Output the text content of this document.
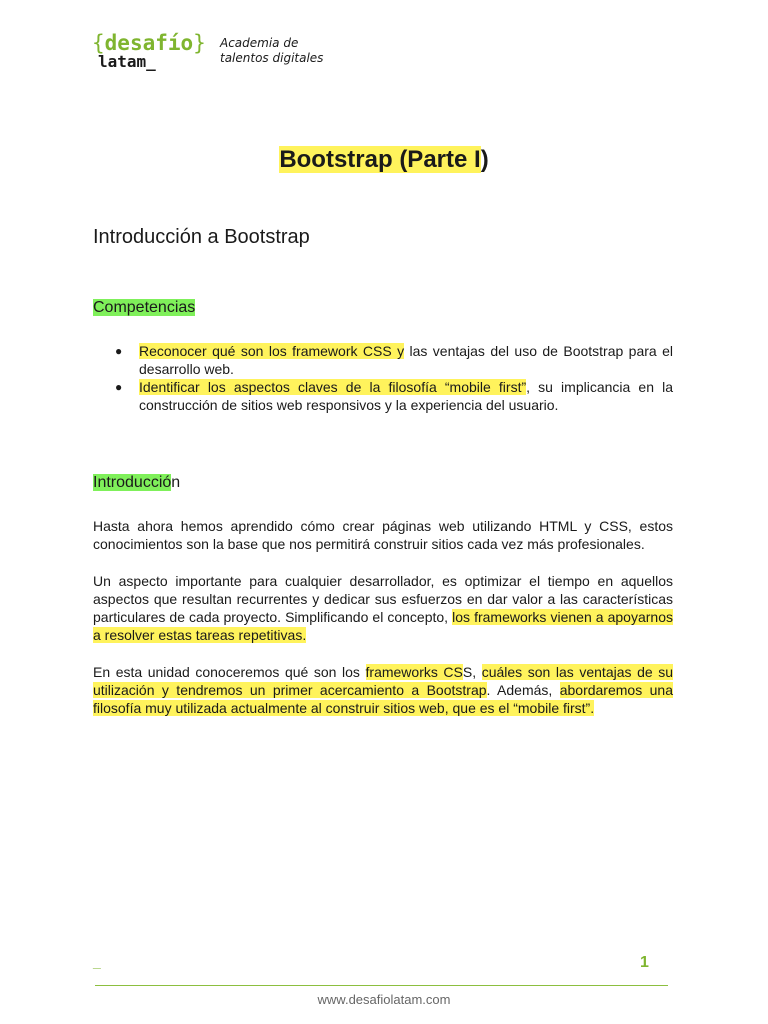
{desafío}
latam_
Academia de
talentos digitales
Bootstrap (Parte I)
Introducción a Bootstrap
Competencias
● Reconocer qué son los framework CSS y las ventajas del uso de Bootstrap para el desarrollo web.
● Identificar los aspectos claves de la filosofía “mobile first”, su implicancia en la construcción de sitios web responsivos y la experiencia del usuario.
Introducción

Hasta ahora hemos aprendido cómo crear páginas web utilizando HTML y CSS, estos conocimientos son la base que nos permitirá construir sitios cada vez más profesionales.

Un aspecto importante para cualquier desarrollador, es optimizar el tiempo en aquellos aspectos que resultan recurrentes y dedicar sus esfuerzos en dar valor a las características particulares de cada proyecto. Simplificando el concepto, los frameworks vienen a apoyarnos a resolver estas tareas repetitivas.

En esta unidad conoceremos qué son los frameworks CSS, cuáles son las ventajas de su utilización y tendremos un primer acercamiento a Bootstrap. Además, abordaremos una filosofía muy utilizada actualmente al construir sitios web, que es el “mobile first”.

_	1
www.desafiolatam.com
